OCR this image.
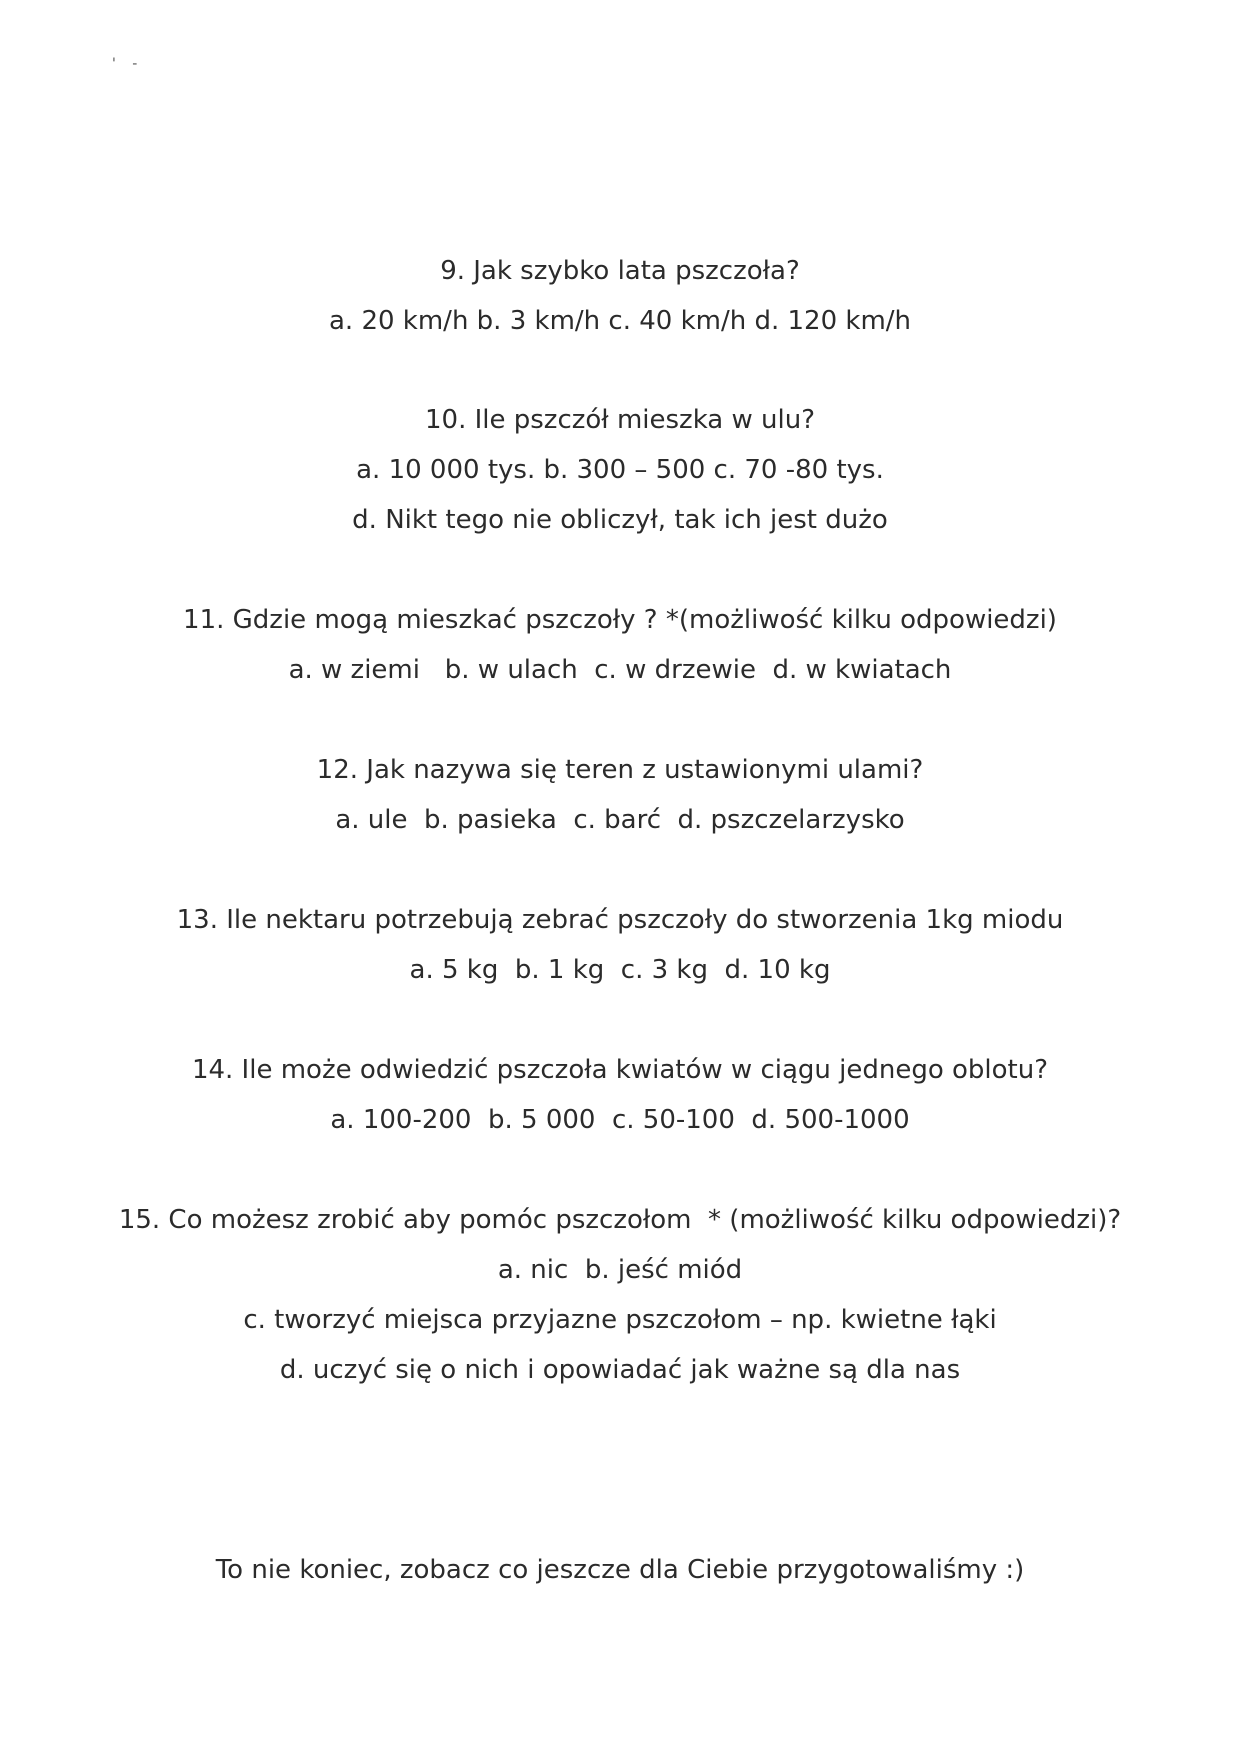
' -
9. Jak szybko lata pszczoła?
a. 20 km/h b. 3 km/h c. 40 km/h d. 120 km/h
10. Ile pszczół mieszka w ulu?
a. 10 000 tys. b. 300 – 500 c. 70 -80 tys.
d. Nikt tego nie obliczył, tak ich jest dużo
11. Gdzie mogą mieszkać pszczoły ? *(możliwość kilku odpowiedzi)
a. w ziemi   b. w ulach  c. w drzewie  d. w kwiatach
12. Jak nazywa się teren z ustawionymi ulami?
a. ule  b. pasieka  c. barć  d. pszczelarzysko
13. Ile nektaru potrzebują zebrać pszczoły do stworzenia 1kg miodu
a. 5 kg  b. 1 kg  c. 3 kg  d. 10 kg
14. Ile może odwiedzić pszczoła kwiatów w ciągu jednego oblotu?
a. 100-200  b. 5 000  c. 50-100  d. 500-1000
15. Co możesz zrobić aby pomóc pszczołom  * (możliwość kilku odpowiedzi)?
a. nic  b. jeść miód
c. tworzyć miejsca przyjazne pszczołom – np. kwietne łąki
d. uczyć się o nich i opowiadać jak ważne są dla nas
To nie koniec, zobacz co jeszcze dla Ciebie przygotowaliśmy :)
